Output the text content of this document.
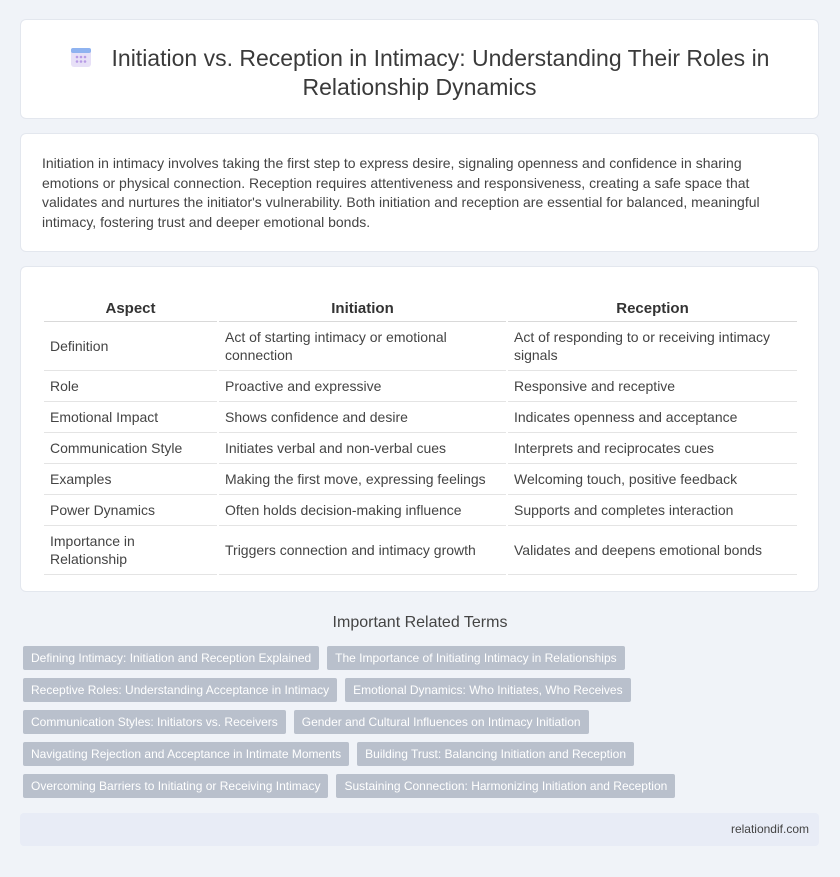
Initiation vs. Reception in Intimacy: Understanding Their Roles in Relationship Dynamics

Initiation in intimacy involves taking the first step to express desire, signaling openness and confidence in sharing emotions or physical connection. Reception requires attentiveness and responsiveness, creating a safe space that validates and nurtures the initiator's vulnerability. Both initiation and reception are essential for balanced, meaningful intimacy, fostering trust and deeper emotional bonds.

Aspect	Initiation	Reception
Definition	Act of starting intimacy or emotional connection	Act of responding to or receiving intimacy signals
Role	Proactive and expressive	Responsive and receptive
Emotional Impact	Shows confidence and desire	Indicates openness and acceptance
Communication Style	Initiates verbal and non-verbal cues	Interprets and reciprocates cues
Examples	Making the first move, expressing feelings	Welcoming touch, positive feedback
Power Dynamics	Often holds decision-making influence	Supports and completes interaction
Importance in Relationship	Triggers connection and intimacy growth	Validates and deepens emotional bonds
Important Related Terms
Defining Intimacy: Initiation and Reception Explained	The Importance of Initiating Intimacy in Relationships
Receptive Roles: Understanding Acceptance in Intimacy	Emotional Dynamics: Who Initiates, Who Receives
Communication Styles: Initiators vs. Receivers	Gender and Cultural Influences on Intimacy Initiation
Navigating Rejection and Acceptance in Intimate Moments	Building Trust: Balancing Initiation and Reception
Overcoming Barriers to Initiating or Receiving Intimacy	Sustaining Connection: Harmonizing Initiation and Reception
relationdif.com
